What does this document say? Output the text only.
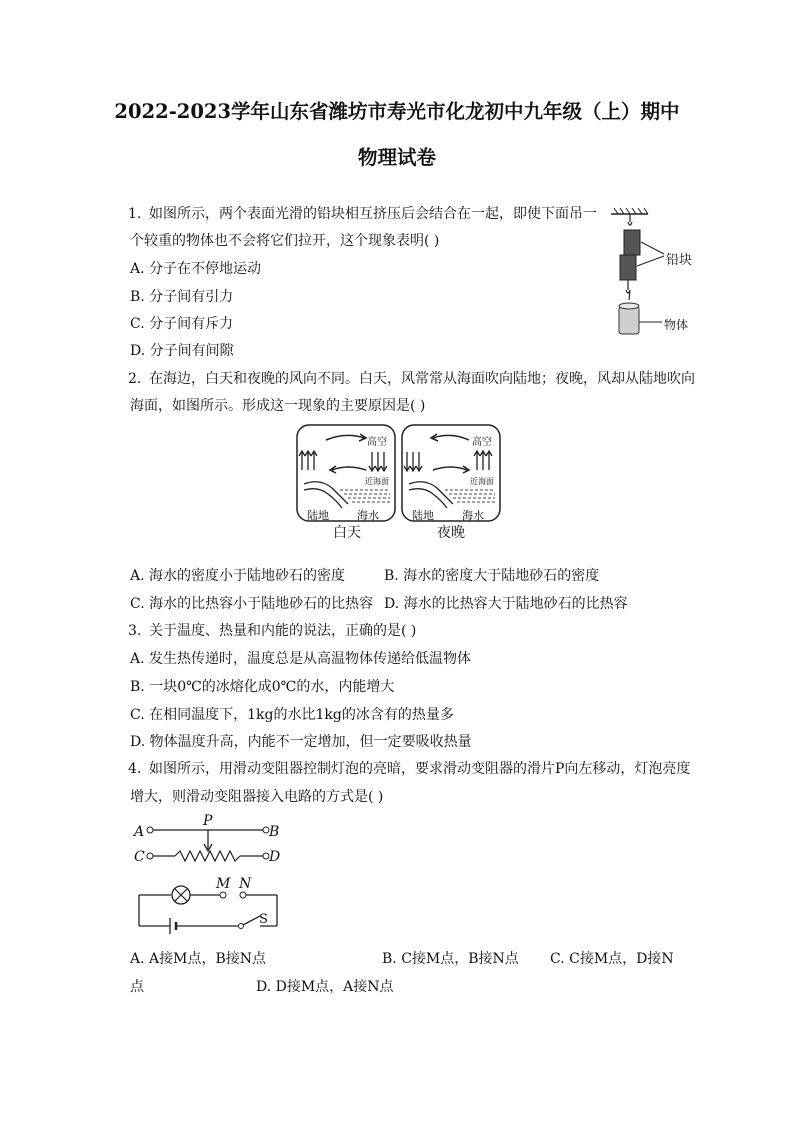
2022-2023学年山东省潍坊市寿光市化龙初中九年级（上）期中
物理试卷
1. 如图所示，两个表面光滑的铅块相互挤压后会结合在一起，即使下面吊一
个较重的物体也不会将它们拉开，这个现象表明( )
A. 分子在不停地运动
B. 分子间有引力
C. 分子间有斥力
D. 分子间有间隙
铅块
物体
2. 在海边，白天和夜晚的风向不同。白天，风常常从海面吹向陆地；夜晚，风却从陆地吹向
海面，如图所示。形成这一现象的主要原因是( )
高空
近海面
陆地	海水
白天
高空
近海面
陆地	海水
夜晚
A. 海水的密度小于陆地砂石的密度	B. 海水的密度大于陆地砂石的密度
C. 海水的比热容小于陆地砂石的比热容 D. 海水的比热容大于陆地砂石的比热容
3. 关于温度、热量和内能的说法，正确的是( )
A. 发生热传递时，温度总是从高温物体传递给低温物体
B. 一块0℃的冰熔化成0℃的水，内能增大
C. 在相同温度下，1kg的水比1kg的冰含有的热量多
D. 物体温度升高，内能不一定增加，但一定要吸收热量
4. 如图所示，用滑动变阻器控制灯泡的亮暗，要求滑动变阻器的滑片P向左移动，灯泡亮度
增大，则滑动变阻器接入电路的方式是( )
A
P
B
C	D
M N
S
A. A接M点，B接N点	B. C接M点，B接N点 C. C接M点，D接N
点	D. D接M点，A接N点
